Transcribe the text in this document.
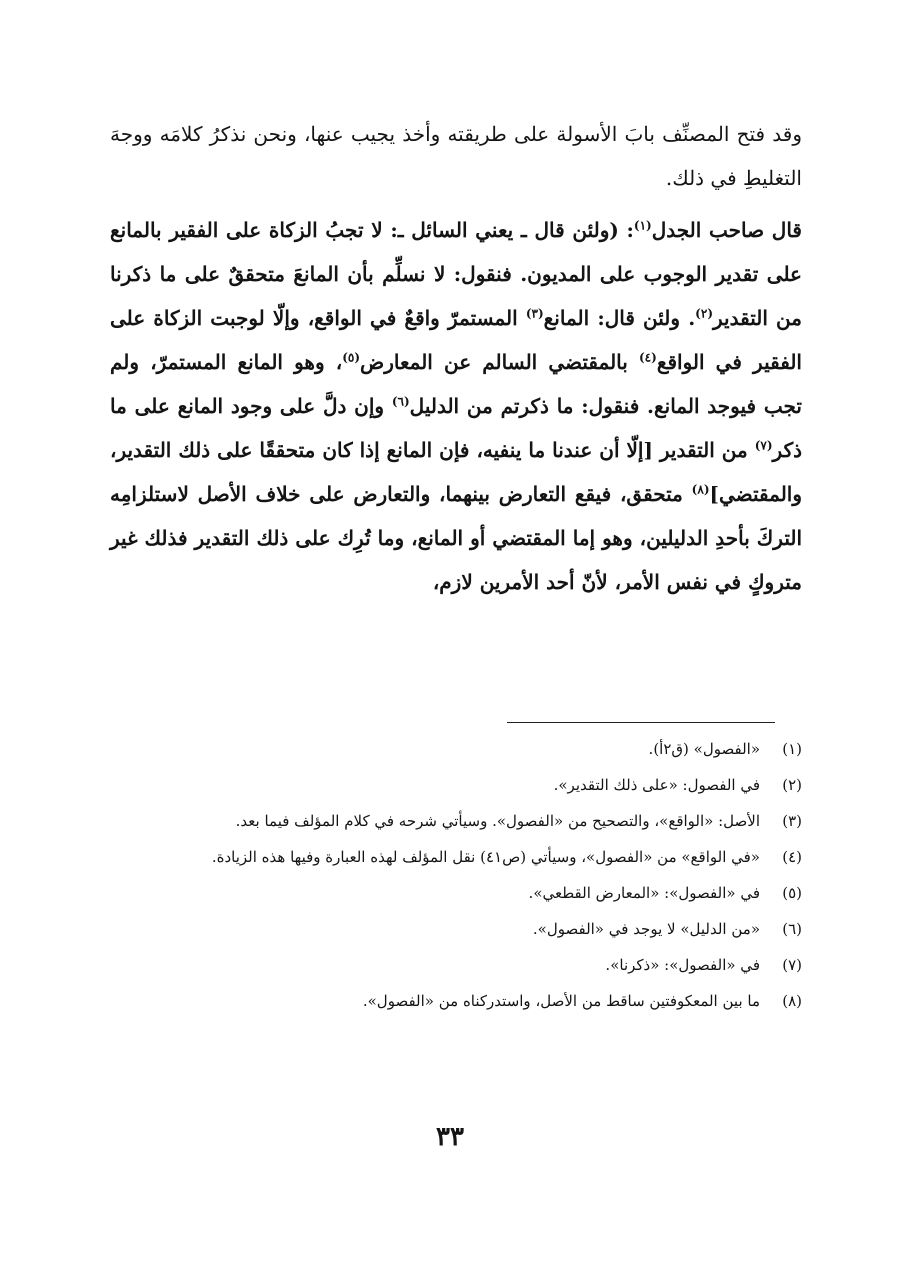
وقد فتح المصنِّف بابَ الأسولة على طريقته وأخذ يجيب عنها، ونحن نذكرُ كلامَه ووجهَ التغليطِ في ذلك.

قال صاحب الجدل$^{(١)}$: (ولئن قال ـ يعني السائل ـ: لا تجبُ الزكاة على الفقير بالمانع على تقدير الوجوب على المديون. فنقول: لا نسلِّم بأن المانعَ متحققٌ على ما ذكرنا من التقدير$^{(٢)}$. ولئن قال: المانع$^{(٣)}$ المستمرّ واقعٌ في الواقع، وإلّا لوجبت الزكاة على الفقير في الواقع$^{(٤)}$ بالمقتضي السالم عن المعارض$^{(٥)}$، وهو المانع المستمرّ، ولم تجب فيوجد المانع. فنقول: ما ذكرتم من الدليل$^{(٦)}$ وإن دلَّ على وجود المانع على ما ذكر$^{(٧)}$ من التقدير [إلّا أن عندنا ما ينفيه، فإن المانع إذا كان متحققًا على ذلك التقدير، والمقتضي]$^{(٨)}$ متحقق، فيقع التعارض بينهما، والتعارض على خلاف الأصل لاستلزامِه التركَ بأحدِ الدليلين، وهو إما المقتضي أو المانع، وما تُرِك على ذلك التقدير فذلك غير متروكٍ في نفس الأمر، لأنّ أحد الأمرين لازم،

(١)
«الفصول» (ق٢أ).
(٢)
في الفصول: «على ذلك التقدير».
(٣)
الأصل: «الواقع»، والتصحيح من «الفصول». وسيأتي شرحه في كلام المؤلف فيما بعد.
(٤)
«في الواقع» من «الفصول»، وسيأتي (ص٤١) نقل المؤلف لهذه العبارة وفيها هذه الزيادة.
(٥)
في «الفصول»: «المعارض القطعي».
(٦)
«من الدليل» لا يوجد في «الفصول».
(٧)
في «الفصول»: «ذكرنا».
(٨)
ما بين المعكوفتين ساقط من الأصل، واستدركناه من «الفصول».
٣٣
